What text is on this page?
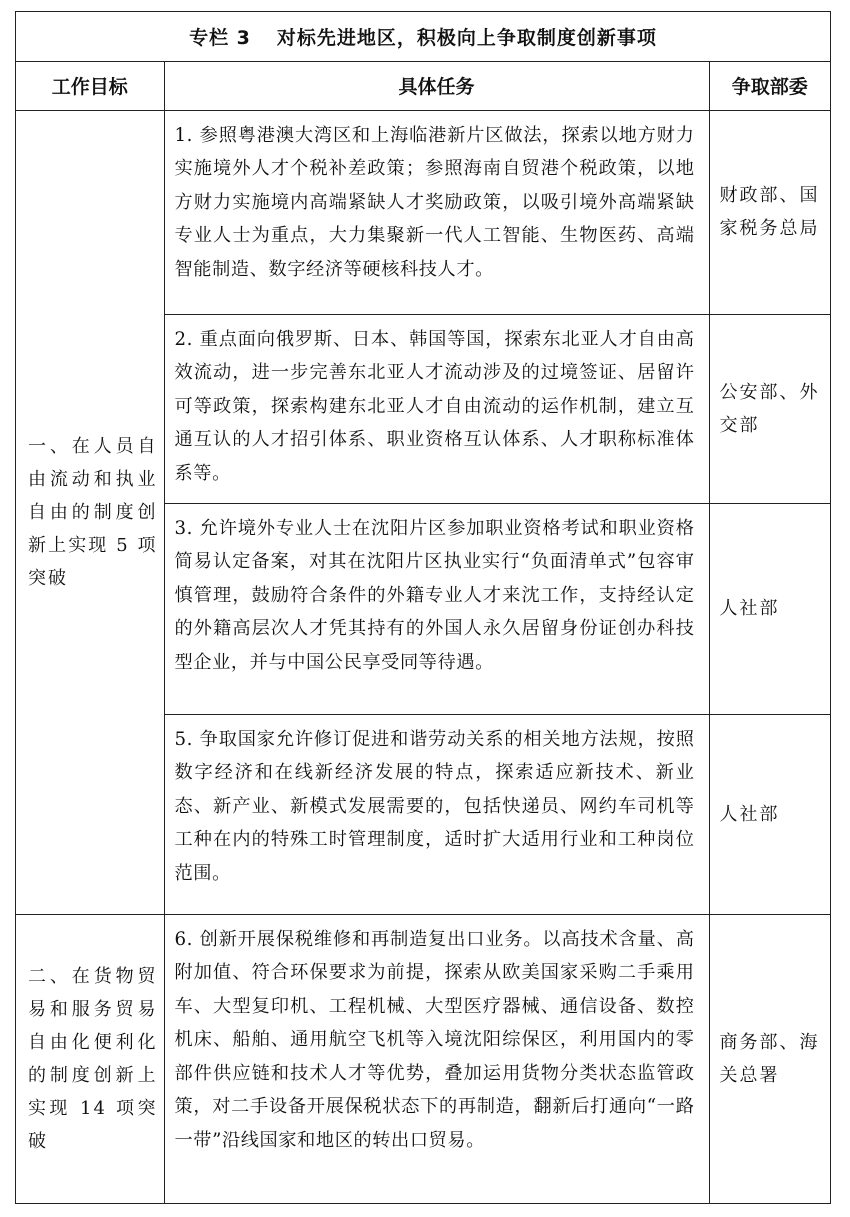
专栏 3 对标先进地区，积极向上争取制度创新事项
工作目标	具体任务	争取部委
一、在人员自由流动和执业自由的制度创新上实现 5 项突破	1. 参照粤港澳大湾区和上海临港新片区做法，探索以地方财力实施境外人才个税补差政策；参照海南自贸港个税政策，以地方财力实施境内高端紧缺人才奖励政策，以吸引境外高端紧缺专业人士为重点，大力集聚新一代人工智能、生物医药、高端智能制造、数字经济等硬核科技人才。	财政部、国家税务总局
	2. 重点面向俄罗斯、日本、韩国等国，探索东北亚人才自由高效流动，进一步完善东北亚人才流动涉及的过境签证、居留许可等政策，探索构建东北亚人才自由流动的运作机制，建立互通互认的人才招引体系、职业资格互认体系、人才职称标准体系等。	公安部、外交部
	3. 允许境外专业人士在沈阳片区参加职业资格考试和职业资格简易认定备案，对其在沈阳片区执业实行“负面清单式”包容审慎管理，鼓励符合条件的外籍专业人才来沈工作，支持经认定的外籍高层次人才凭其持有的外国人永久居留身份证创办科技型企业，并与中国公民享受同等待遇。	人社部
	5. 争取国家允许修订促进和谐劳动关系的相关地方法规，按照数字经济和在线新经济发展的特点，探索适应新技术、新业态、新产业、新模式发展需要的，包括快递员、网约车司机等工种在内的特殊工时管理制度，适时扩大适用行业和工种岗位范围。	人社部
二、在货物贸易和服务贸易自由化便利化的制度创新上实现 14 项突破	6. 创新开展保税维修和再制造复出口业务。以高技术含量、高附加值、符合环保要求为前提，探索从欧美国家采购二手乘用车、大型复印机、工程机械、大型医疗器械、通信设备、数控机床、船舶、通用航空飞机等入境沈阳综保区，利用国内的零部件供应链和技术人才等优势，叠加运用货物分类状态监管政策，对二手设备开展保税状态下的再制造，翻新后打通向“一路一带”沿线国家和地区的转出口贸易。	商务部、海关总署
